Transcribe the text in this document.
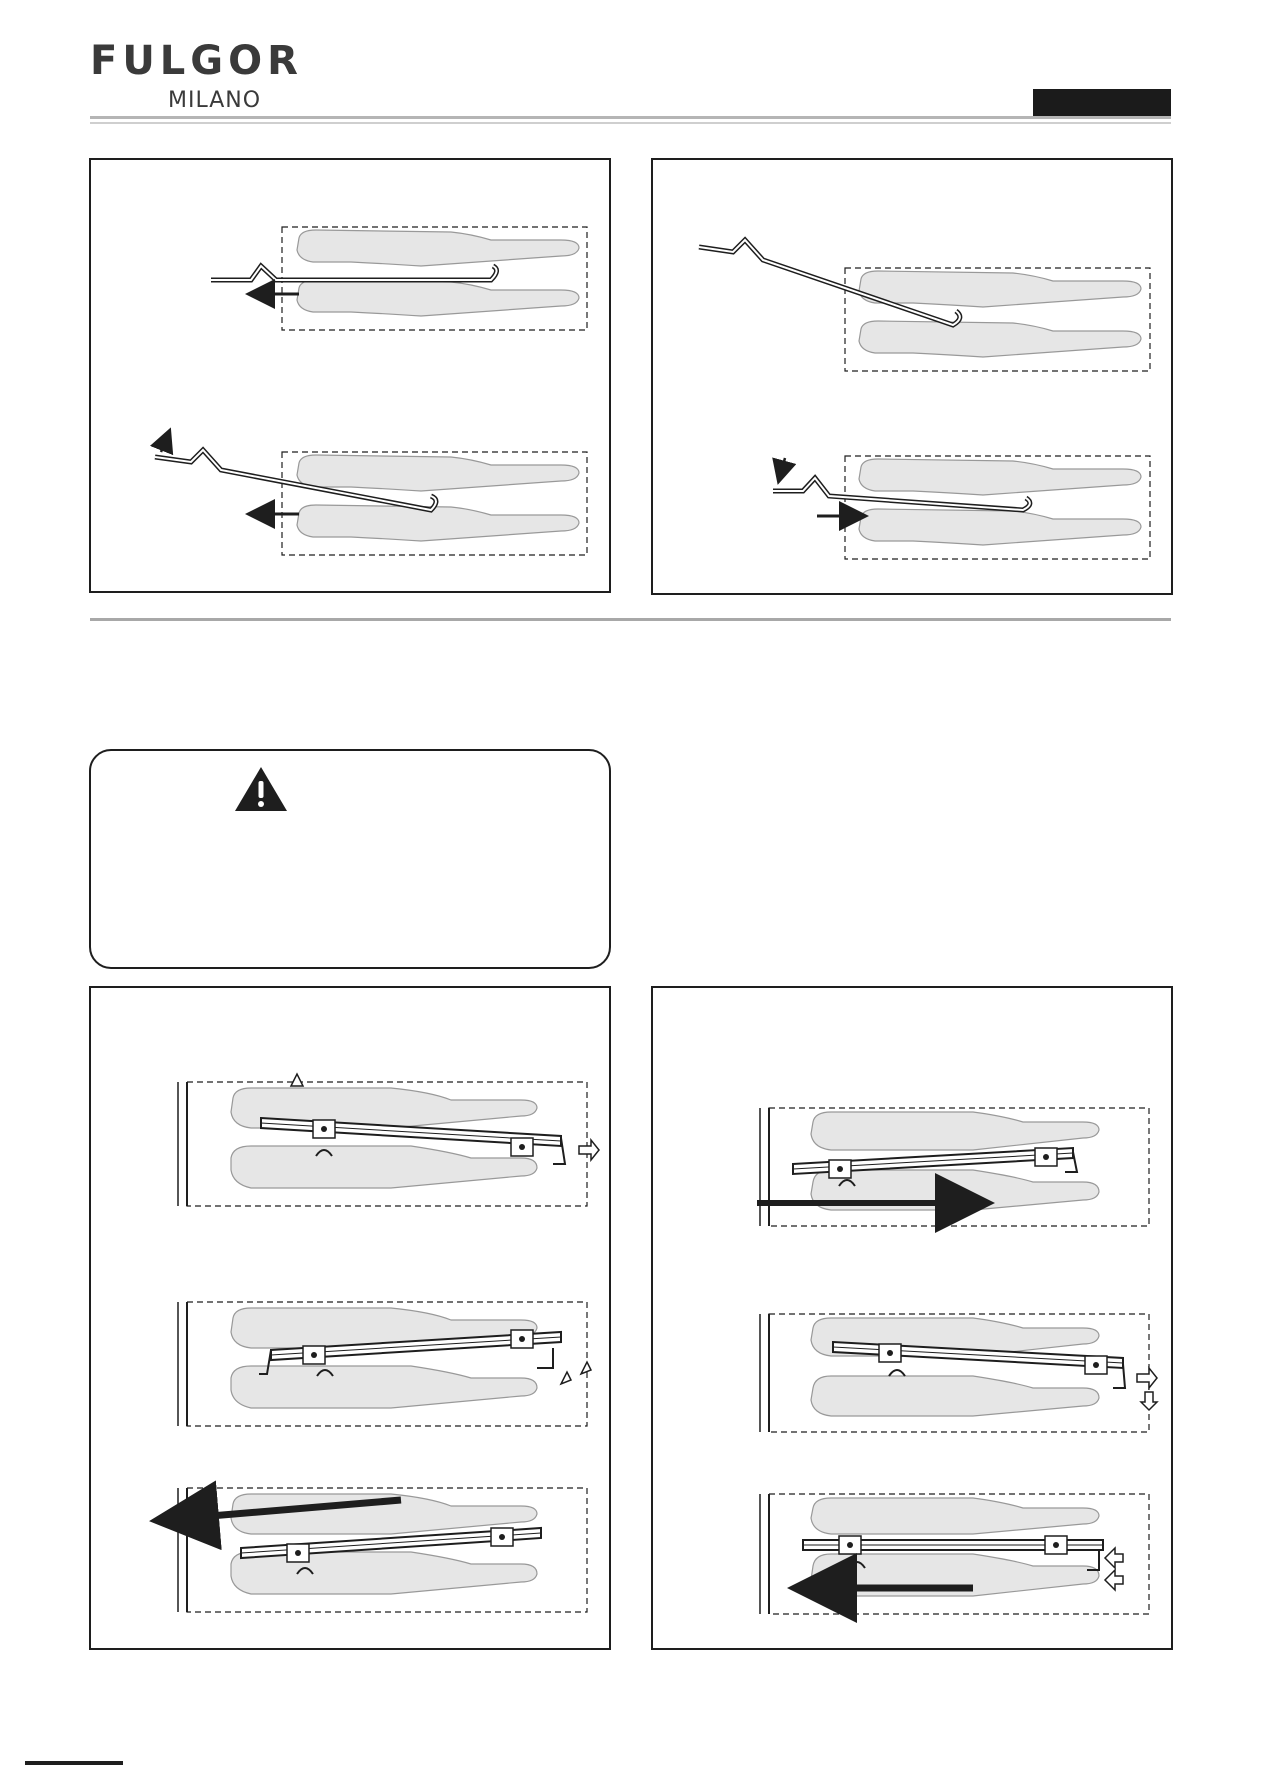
FULGOR
MILANO
